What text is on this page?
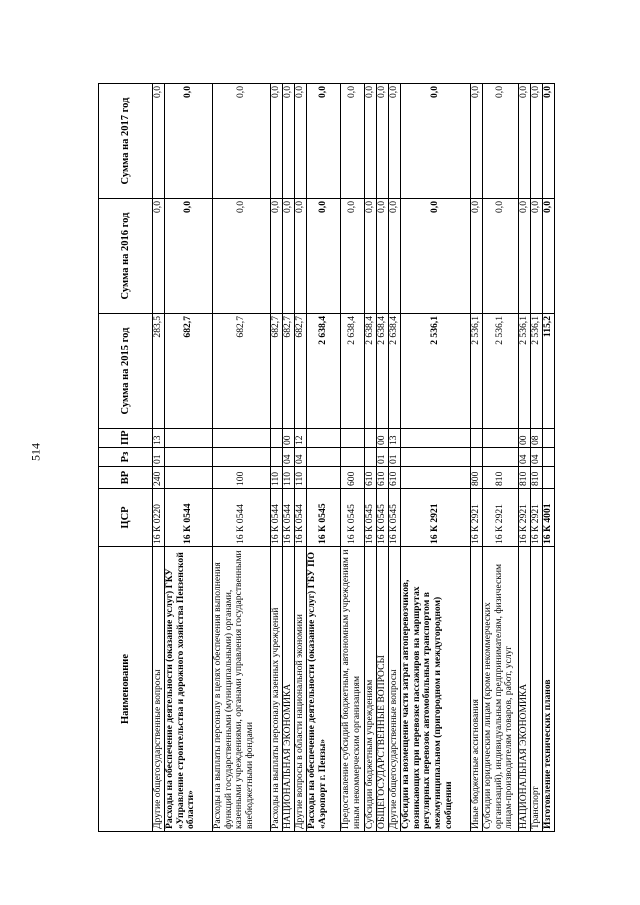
514
Наименование	ЦСР	ВР	Рз	ПР	Сумма на 2015 год	Сумма на 2016 год	Сумма на 2017 год
Другие общегосударственные вопросы	16 К 0220	240	01	13	283,5	0,0	0,0
Расходы на обеспечение деятельности (оказание услуг) ГКУ «Управление строительства и дорожного хозяйства Пензенской области»	16 К 0544				682,7	0,0	0,0
Расходы на выплаты персоналу в целях обеспечения выполнения функций государственными (муниципальными) органами, казенными учреждениями, органами управления государственными внебюджетными фондами	16 К 0544	100			682,7	0,0	0,0
Расходы на выплаты персоналу казенных учреждений	16 К 0544	110			682,7	0,0	0,0
НАЦИОНАЛЬНАЯ ЭКОНОМИКА	16 К 0544	110	04	00	682,7	0,0	0,0
Другие вопросы в области национальной экономики	16 К 0544	110	04	12	682,7	0,0	0,0
Расходы на обеспечение деятельности (оказание услуг) ГБУ ПО «Аэропорт г. Пензы»	16 К 0545				2 638,4	0,0	0,0
Предоставление субсидий бюджетным, автономным учреждениям и иным некоммерческим организациям	16 К 0545	600			2 638,4	0,0	0,0
Субсидии бюджетным учреждениям	16 К 0545	610			2 638,4	0,0	0,0
ОБЩЕГОСУДАРСТВЕННЫЕ ВОПРОСЫ	16 К 0545	610	01	00	2 638,4	0,0	0,0
Другие общегосударственные вопросы	16 К 0545	610	01	13	2 638,4	0,0	0,0
Субсидии на возмещение части затрат автоперевозчиков, возникающих при перевозке пассажиров на маршрутах регулярных перевозок автомобильным транспортом в межмуниципальном (пригородном и междугородном) сообщении	16 К 2921				2 536,1	0,0	0,0
Иные бюджетные ассигнования	16 К 2921	800			2 536,1	0,0	0,0
Субсидии юридическим лицам (кроме некоммерческих организаций), индивидуальным предпринимателям, физическим лицам-производителям товаров, работ, услуг	16 К 2921	810			2 536,1	0,0	0,0
НАЦИОНАЛЬНАЯ ЭКОНОМИКА	16 К 2921	810	04	00	2 536,1	0,0	0,0
Транспорт	16 К 2921	810	04	08	2 536,1	0,0	0,0
Изготовление технических планов	16 К 4001				115,2	0,0	0,0
